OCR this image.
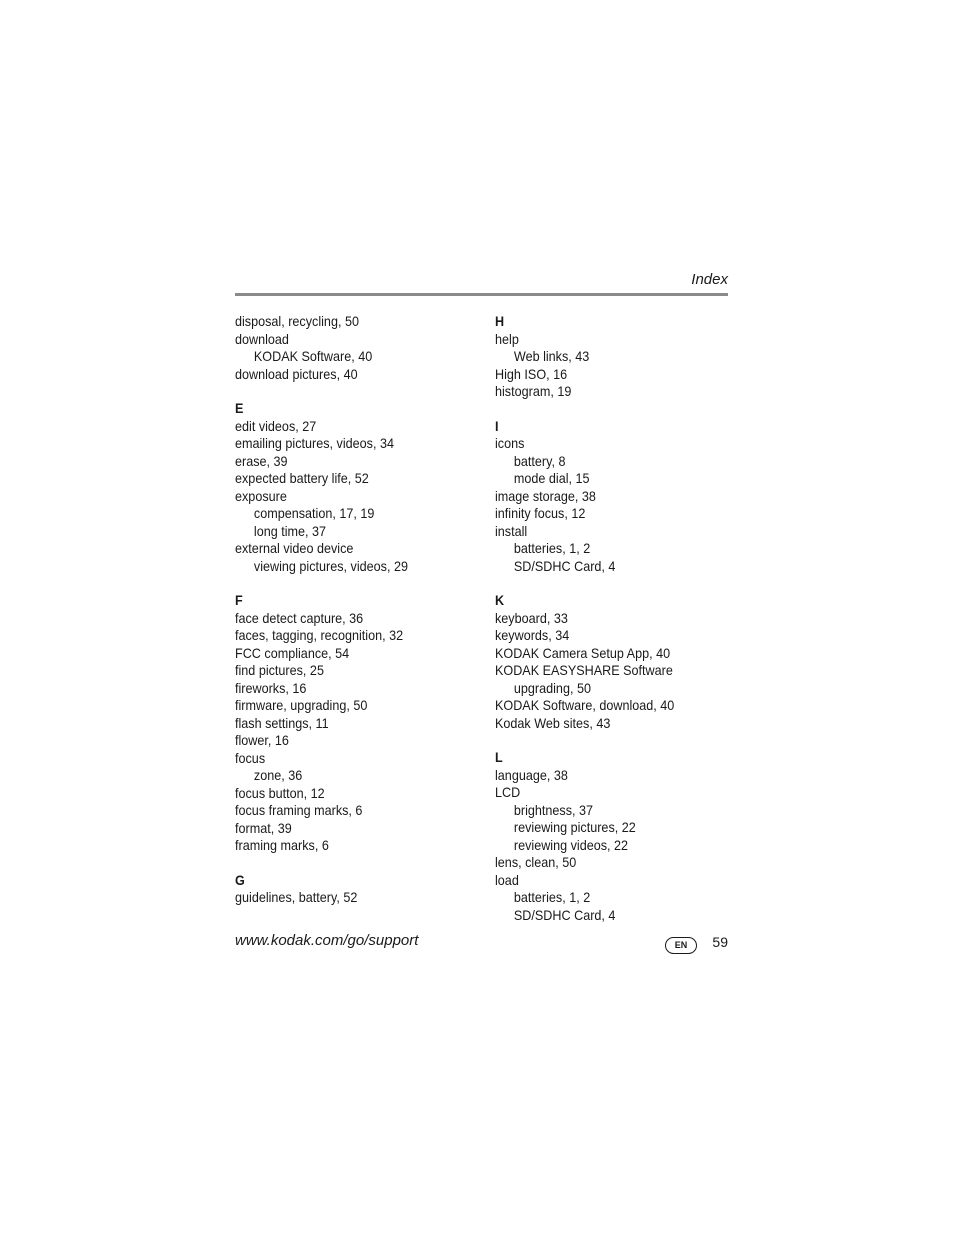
Index
disposal, recycling, 50
download
KODAK Software, 40
download pictures, 40
E
edit videos, 27
emailing pictures, videos, 34
erase, 39
expected battery life, 52
exposure
compensation, 17, 19
long time, 37
external video device
viewing pictures, videos, 29
F
face detect capture, 36
faces, tagging, recognition, 32
FCC compliance, 54
find pictures, 25
fireworks, 16
firmware, upgrading, 50
flash settings, 11
flower, 16
focus
zone, 36
focus button, 12
focus framing marks, 6
format, 39
framing marks, 6
G
guidelines, battery, 52
H
help
Web links, 43
High ISO, 16
histogram, 19
I
icons
battery, 8
mode dial, 15
image storage, 38
infinity focus, 12
install
batteries, 1, 2
SD/SDHC Card, 4
K
keyboard, 33
keywords, 34
KODAK Camera Setup App, 40
KODAK EASYSHARE Software
upgrading, 50
KODAK Software, download, 40
Kodak Web sites, 43
L
language, 38
LCD
brightness, 37
reviewing pictures, 22
reviewing videos, 22
lens, clean, 50
load
batteries, 1, 2
SD/SDHC Card, 4
www.kodak.com/go/support	EN	59
